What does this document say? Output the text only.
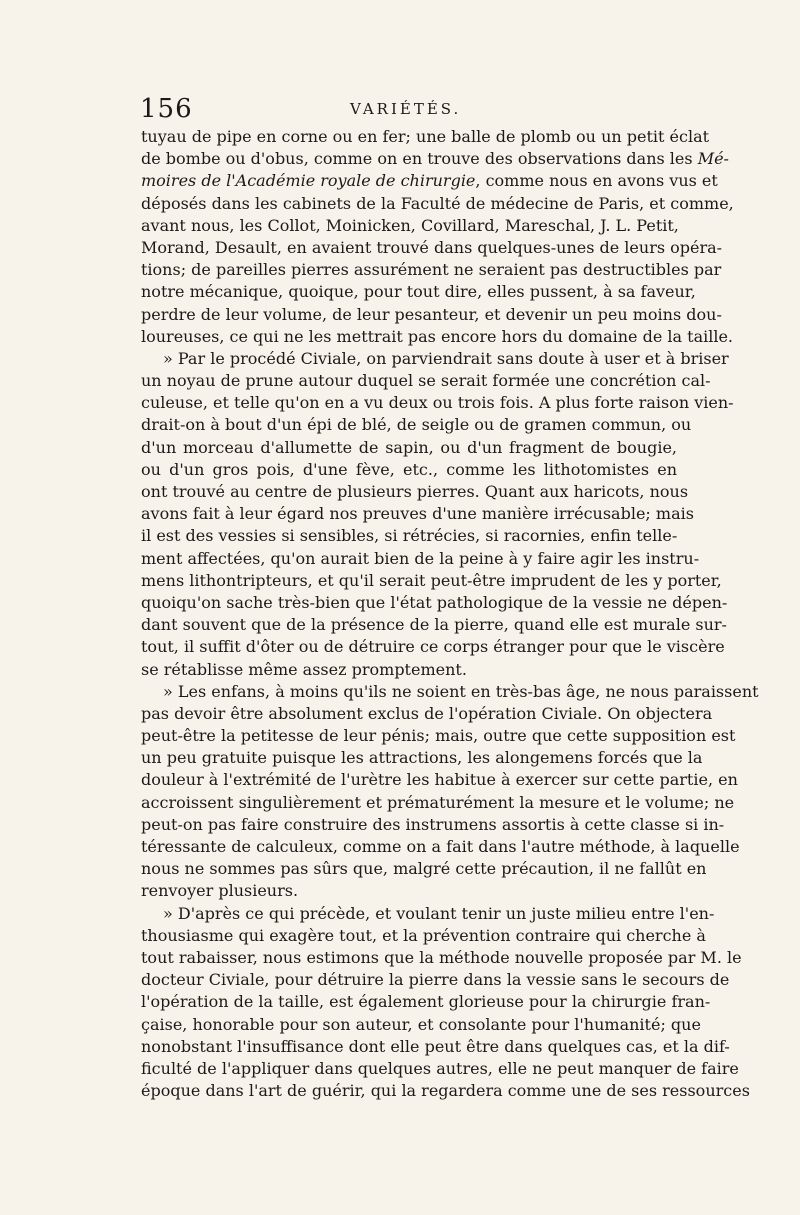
156	VARIÉTÉS.
tuyau de pipe en corne ou en fer; une balle de plomb ou un petit éclat
de bombe ou d'obus, comme on en trouve des observations dans les Mé-
moires de l'Académie royale de chirurgie, comme nous en avons vus et
déposés dans les cabinets de la Faculté de médecine de Paris, et comme,
avant nous, les Collot, Moinicken, Covillard, Mareschal, J. L. Petit,
Morand, Desault, en avaient trouvé dans quelques-unes de leurs opéra-
tions; de pareilles pierres assurément ne seraient pas destructibles par
notre mécanique, quoique, pour tout dire, elles pussent, à sa faveur,
perdre de leur volume, de leur pesanteur, et devenir un peu moins dou-
loureuses, ce qui ne les mettrait pas encore hors du domaine de la taille.
» Par le procédé Civiale, on parviendrait sans doute à user et à briser
un noyau de prune autour duquel se serait formée une concrétion cal-
culeuse, et telle qu'on en a vu deux ou trois fois. A plus forte raison vien-
drait-on à bout d'un épi de blé, de seigle ou de gramen commun, ou
d'un morceau d'allumette de sapin, ou d'un fragment de bougie,
ou d'un gros pois, d'une fève, etc., comme les lithotomistes en
ont trouvé au centre de plusieurs pierres. Quant aux haricots, nous
avons fait à leur égard nos preuves d'une manière irrécusable; mais
il est des vessies si sensibles, si rétrécies, si racornies, enfin telle-
ment affectées, qu'on aurait bien de la peine à y faire agir les instru-
mens lithontripteurs, et qu'il serait peut-être imprudent de les y porter,
quoiqu'on sache très-bien que l'état pathologique de la vessie ne dépen-
dant souvent que de la présence de la pierre, quand elle est murale sur-
tout, il suffit d'ôter ou de détruire ce corps étranger pour que le viscère
se rétablisse même assez promptement.
» Les enfans, à moins qu'ils ne soient en très-bas âge, ne nous paraissent
pas devoir être absolument exclus de l'opération Civiale. On objectera
peut-être la petitesse de leur pénis; mais, outre que cette supposition est
un peu gratuite puisque les attractions, les alongemens forcés que la
douleur à l'extrémité de l'urètre les habitue à exercer sur cette partie, en
accroissent singulièrement et prématurément la mesure et le volume; ne
peut-on pas faire construire des instrumens assortis à cette classe si in-
téressante de calculeux, comme on a fait dans l'autre méthode, à laquelle
nous ne sommes pas sûrs que, malgré cette précaution, il ne fallût en
renvoyer plusieurs.
» D'après ce qui précède, et voulant tenir un juste milieu entre l'en-
thousiasme qui exagère tout, et la prévention contraire qui cherche à
tout rabaisser, nous estimons que la méthode nouvelle proposée par M. le
docteur Civiale, pour détruire la pierre dans la vessie sans le secours de
l'opération de la taille, est également glorieuse pour la chirurgie fran-
çaise, honorable pour son auteur, et consolante pour l'humanité; que
nonobstant l'insuffisance dont elle peut être dans quelques cas, et la dif-
ficulté de l'appliquer dans quelques autres, elle ne peut manquer de faire
époque dans l'art de guérir, qui la regardera comme une de ses ressources
